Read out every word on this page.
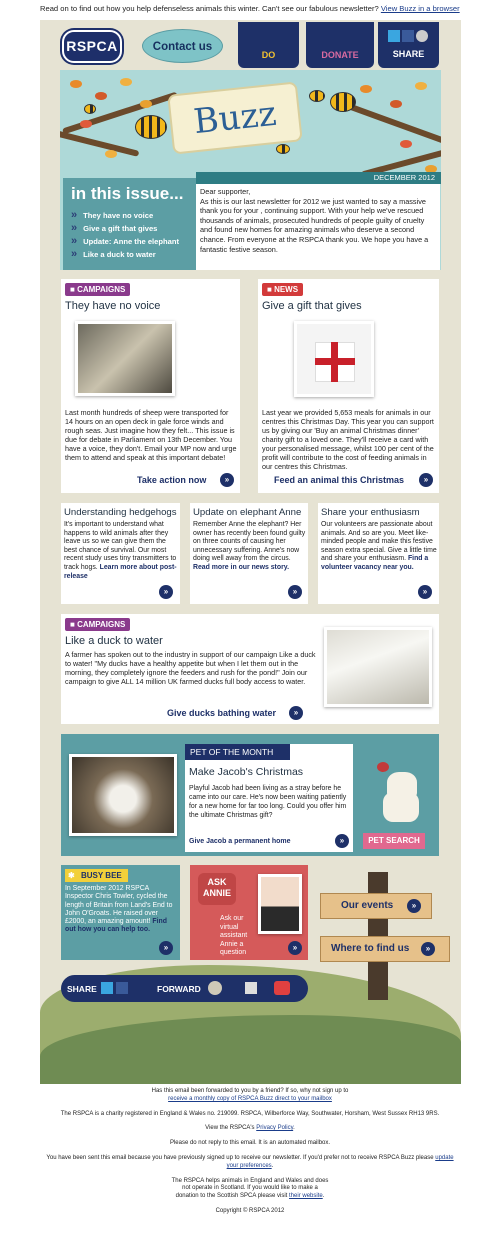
Read on to find out how you help defenseless animals this winter. Can't see our fabulous newsletter? View Buzz in a browser
RSPCA	Contact us
DO	DONATE	SHARE
Buzz
DECEMBER 2012
in this issue...
» They have no voice
» Give a gift that gives
» Update: Anne the elephant
» Like a duck to water
Dear supporter,
As this is our last newsletter for 2012 we just wanted to say a massive thank you for your , continuing support. With your help we've rescued thousands of animals, prosecuted hundreds of people guilty of cruelty and found new homes for amazing animals who deserve a second chance. From everyone at the RSPCA thank you. We hope you have a fantastic festive season.
■ CAMPAIGNS
They have no voice
Last month hundreds of sheep were transported for 14 hours on an open deck in gale force winds and rough seas. Just imagine how they felt... This issue is due for debate in Parliament on 13th December. You have a voice, they don't. Email your MP now and urge them to attend and speak at this important debate!
Take action now	»
■ NEWS
Give a gift that gives
Last year we provided 5,653 meals for animals in our centres this Christmas Day. This year you can support us by giving our 'Buy an animal Christmas dinner' charity gift to a loved one. They'll receive a card with your personalised message, whilst 100 per cent of the profit will contribute to the cost of feeding animals in our centres this Christmas.
Feed an animal this Christmas	»
Understanding hedgehogs
It's important to understand what happens to wild animals after they leave us so we can give them the best chance of survival. Our most recent study uses tiny transmitters to track hogs. Learn more about post-release
»
Update on elephant Anne
Remember Anne the elephant? Her owner has recently been found guilty on three counts of causing her unnecessary suffering. Anne's now doing well away from the circus. Read more in our news story.
»
Share your enthusiasm
Our volunteers are passionate about animals. And so are you. Meet like-minded people and make this festive season extra special. Give a little time and share your enthusiasm. Find a volunteer vacancy near you.
»
■ CAMPAIGNS
Like a duck to water
A farmer has spoken out to the industry in support of our campaign Like a duck to water! "My ducks have a healthy appetite but when I let them out in the morning, they completely ignore the feeders and rush for the pond!" Join our campaign to give ALL 14 million UK farmed ducks full body access to water.
Give ducks bathing water	»
PET OF THE MONTH
Make Jacob's Christmas
Playful Jacob had been living as a stray before he came into our care. He's now been waiting patiently for a new home for far too long. Could you offer him the ultimate Christmas gift?
Give Jacob a permanent home	»	PET SEARCH
✱ BUSY BEE
In September 2012 RSPCA Inspector Chris Towler, cycled the length of Britain from Land's End to John O'Groats. He raised over £2000, an amazing amount! Find out how you can help too.
»
ASK
ANNIE
Ask our virtual assistant Annie a question
»
Our events	»
Where to find us	»
SHARE	FORWARD

Has this email been forwarded to you by a friend? If so, why not sign up to
receive a monthly copy of RSPCA Buzz direct to your mailbox

The RSPCA is a charity registered in England & Wales no. 219099. RSPCA, Wilberforce Way, Southwater, Horsham, West Sussex RH13 9RS.

View the RSPCA's Privacy Policy.

Please do not reply to this email. It is an automated mailbox.

You have been sent this email because you have previously signed up to receive our newsletter. If you'd prefer not to receive RSPCA Buzz please update your preferences.

The RSPCA helps animals in England and Wales and does not operate in Scotland. If you would like to make a donation to the Scottish SPCA please visit their website.

Copyright © RSPCA 2012
